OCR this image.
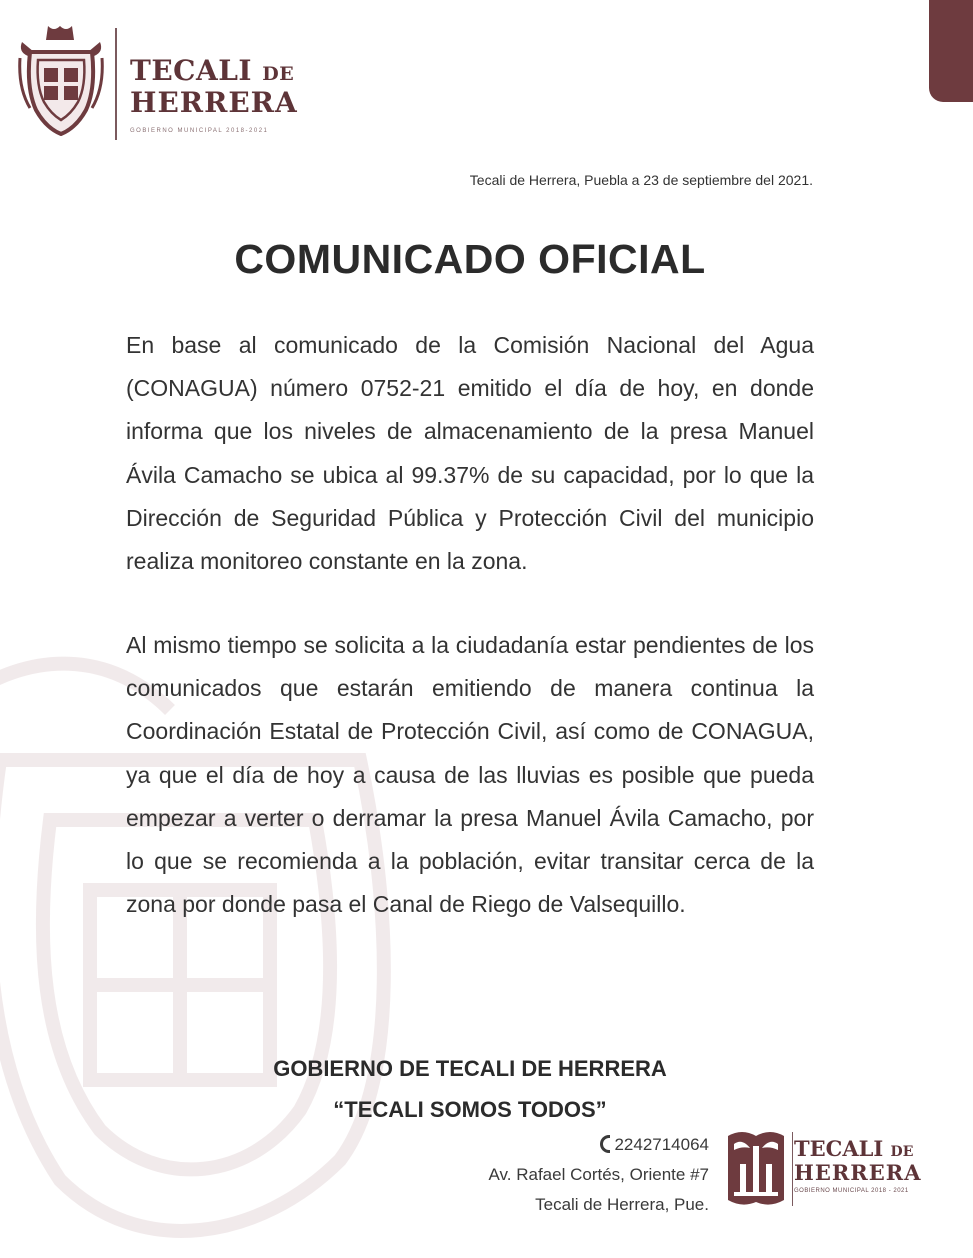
TECALI DE
HERRERA
GOBIERNO MUNICIPAL 2018-2021
Tecali de Herrera, Puebla a 23 de septiembre del 2021.
COMUNICADO OFICIAL

En base al comunicado de la Comisión Nacional del Agua (CONAGUA) número 0752-21 emitido el día de hoy, en donde informa que los niveles de almacenamiento de la presa Manuel Ávila Camacho se ubica al 99.37% de su capacidad, por lo que la Dirección de Seguridad Pública y Protección Civil del municipio realiza monitoreo constante en la zona.

Al mismo tiempo se solicita a la ciudadanía estar pendientes de los comunicados que estarán emitiendo de manera continua la Coordinación Estatal de Protección Civil, así como de CONAGUA, ya que el día de hoy a causa de las lluvias es posible que pueda empezar a verter o derramar la presa Manuel Ávila Camacho, por lo que se recomienda a la población, evitar transitar cerca de la zona por donde pasa el Canal de Riego de Valsequillo.

GOBIERNO DE TECALI DE HERRERA
“TECALI SOMOS TODOS”
2242714064
Av. Rafael Cortés, Oriente #7
Tecali de Herrera, Pue.
TECALI DE
HERRERA
GOBIERNO MUNICIPAL 2018 - 2021
